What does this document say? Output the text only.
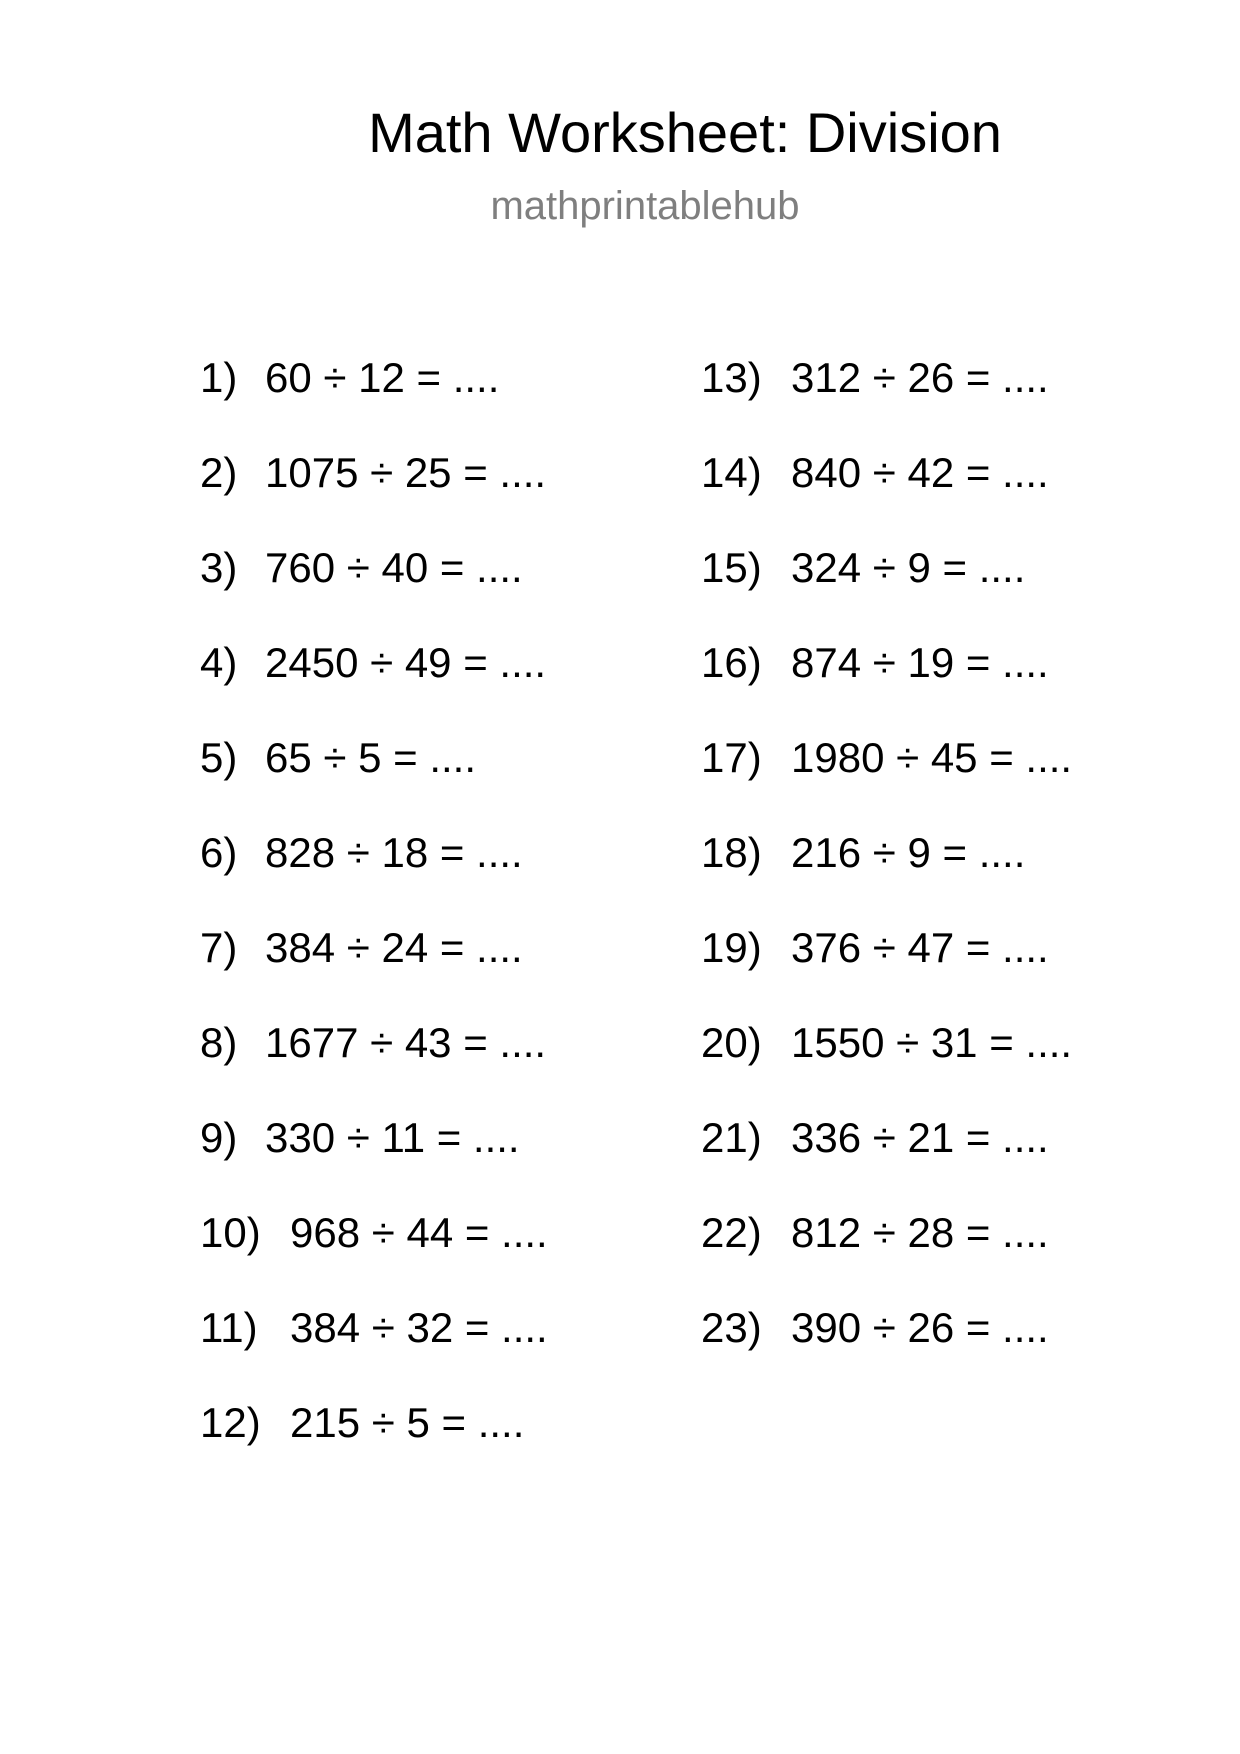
Math Worksheet: Division
mathprintablehub
1) 60 ÷ 12 = ....
2) 1075 ÷ 25 = ....
3) 760 ÷ 40 = ....
4) 2450 ÷ 49 = ....
5) 65 ÷ 5 = ....
6) 828 ÷ 18 = ....
7) 384 ÷ 24 = ....
8) 1677 ÷ 43 = ....
9) 330 ÷ 11 = ....
10) 968 ÷ 44 = ....
11) 384 ÷ 32 = ....
12) 215 ÷ 5 = ....
13) 312 ÷ 26 = ....
14) 840 ÷ 42 = ....
15) 324 ÷ 9 = ....
16) 874 ÷ 19 = ....
17) 1980 ÷ 45 = ....
18) 216 ÷ 9 = ....
19) 376 ÷ 47 = ....
20) 1550 ÷ 31 = ....
21) 336 ÷ 21 = ....
22) 812 ÷ 28 = ....
23) 390 ÷ 26 = ....
